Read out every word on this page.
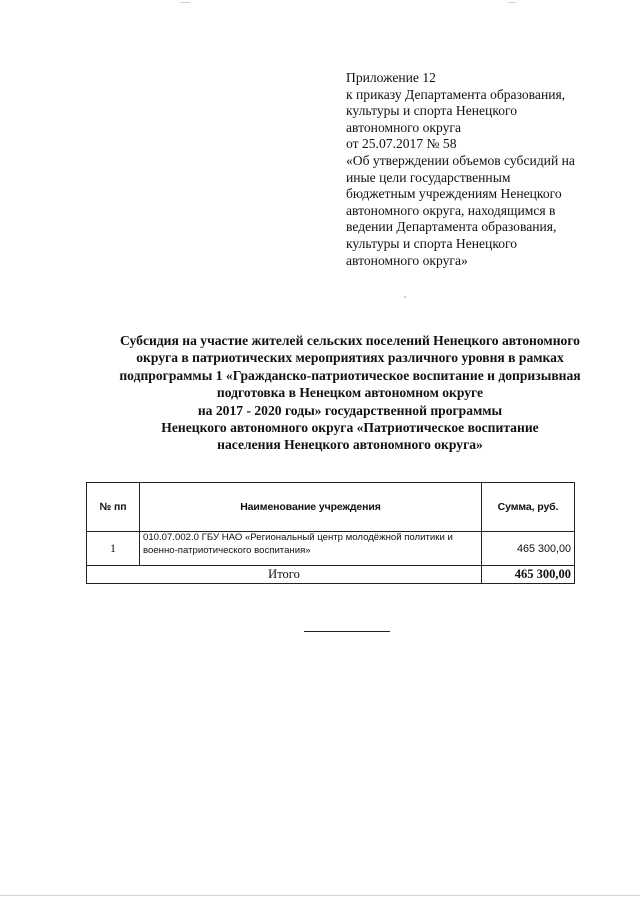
Приложение 12
к приказу Департамента образования,
культуры и спорта Ненецкого
автономного округа
от 25.07.2017 № 58
«Об утверждении объемов субсидий на
иные цели государственным
бюджетным учреждениям Ненецкого
автономного округа, находящимся в
ведении Департамента образования,
культуры и спорта Ненецкого
автономного округа»
Субсидия на участие жителей сельских поселений Ненецкого автономного
округа в патриотических мероприятиях различного уровня в рамках
подпрограммы 1 «Гражданско-патриотическое воспитание и допризывная
подготовка в Ненецком автономном округе
на 2017 - 2020 годы» государственной программы
Ненецкого автономного округа «Патриотическое воспитание
населения Ненецкого автономного округа»
№ пп	Наименование учреждения	Сумма, руб.
1	010.07.002.0 ГБУ НАО «Региональный центр молодёжной политики и военно-патриотического воспитания»	465 300,00
Итого		465 300,00
